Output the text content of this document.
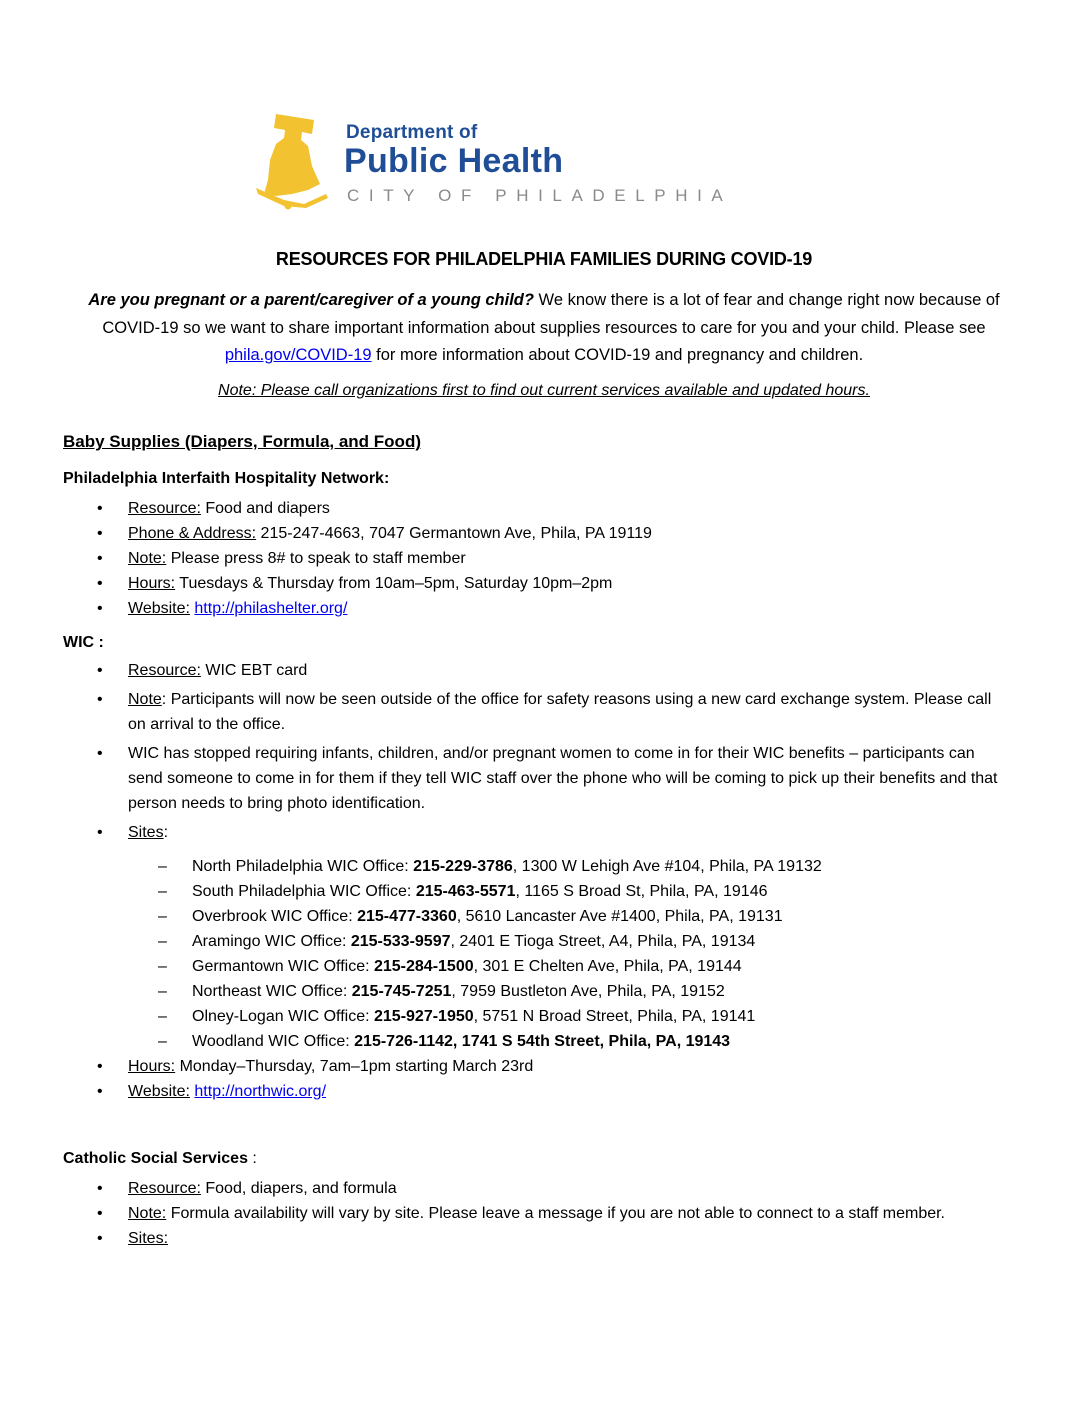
Department of
Public Health
CITY OF PHILADELPHIA
RESOURCES FOR PHILADELPHIA FAMILIES DURING COVID-19
Are you pregnant or a parent/caregiver of a young child? We know there is a lot of fear and change right now because of COVID-19 so we want to share important information about supplies resources to care for you and your child. Please see phila.gov/COVID-19 for more information about COVID-19 and pregnancy and children.
Note: Please call organizations first to find out current services available and updated hours.
Baby Supplies (Diapers, Formula, and Food)
Philadelphia Interfaith Hospitality Network:
• Resource: Food and diapers
• Phone & Address: 215-247-4663, 7047 Germantown Ave, Phila, PA 19119
• Note: Please press 8# to speak to staff member
• Hours: Tuesdays & Thursday from 10am–5pm, Saturday 10pm–2pm
• Website: http://philashelter.org/
WIC :
• Resource: WIC EBT card
• Note: Participants will now be seen outside of the office for safety reasons using a new card exchange system. Please call on arrival to the office.
• WIC has stopped requiring infants, children, and/or pregnant women to come in for their WIC benefits – participants can send someone to come in for them if they tell WIC staff over the phone who will be coming to pick up their benefits and that person needs to bring photo identification.
• Sites:
– North Philadelphia WIC Office: 215-229-3786, 1300 W Lehigh Ave #104, Phila, PA 19132
– South Philadelphia WIC Office: 215-463-5571, 1165 S Broad St, Phila, PA, 19146
– Overbrook WIC Office: 215-477-3360, 5610 Lancaster Ave #1400, Phila, PA, 19131
– Aramingo WIC Office: 215-533-9597, 2401 E Tioga Street, A4, Phila, PA, 19134
– Germantown WIC Office: 215-284-1500, 301 E Chelten Ave, Phila, PA, 19144
– Northeast WIC Office: 215-745-7251, 7959 Bustleton Ave, Phila, PA, 19152
– Olney-Logan WIC Office: 215-927-1950, 5751 N Broad Street, Phila, PA, 19141
– Woodland WIC Office: 215-726-1142, 1741 S 54th Street, Phila, PA, 19143
• Hours: Monday–Thursday, 7am–1pm starting March 23rd
• Website: http://northwic.org/
Catholic Social Services :
• Resource: Food, diapers, and formula
• Note: Formula availability will vary by site. Please leave a message if you are not able to connect to a staff member.
• Sites:
